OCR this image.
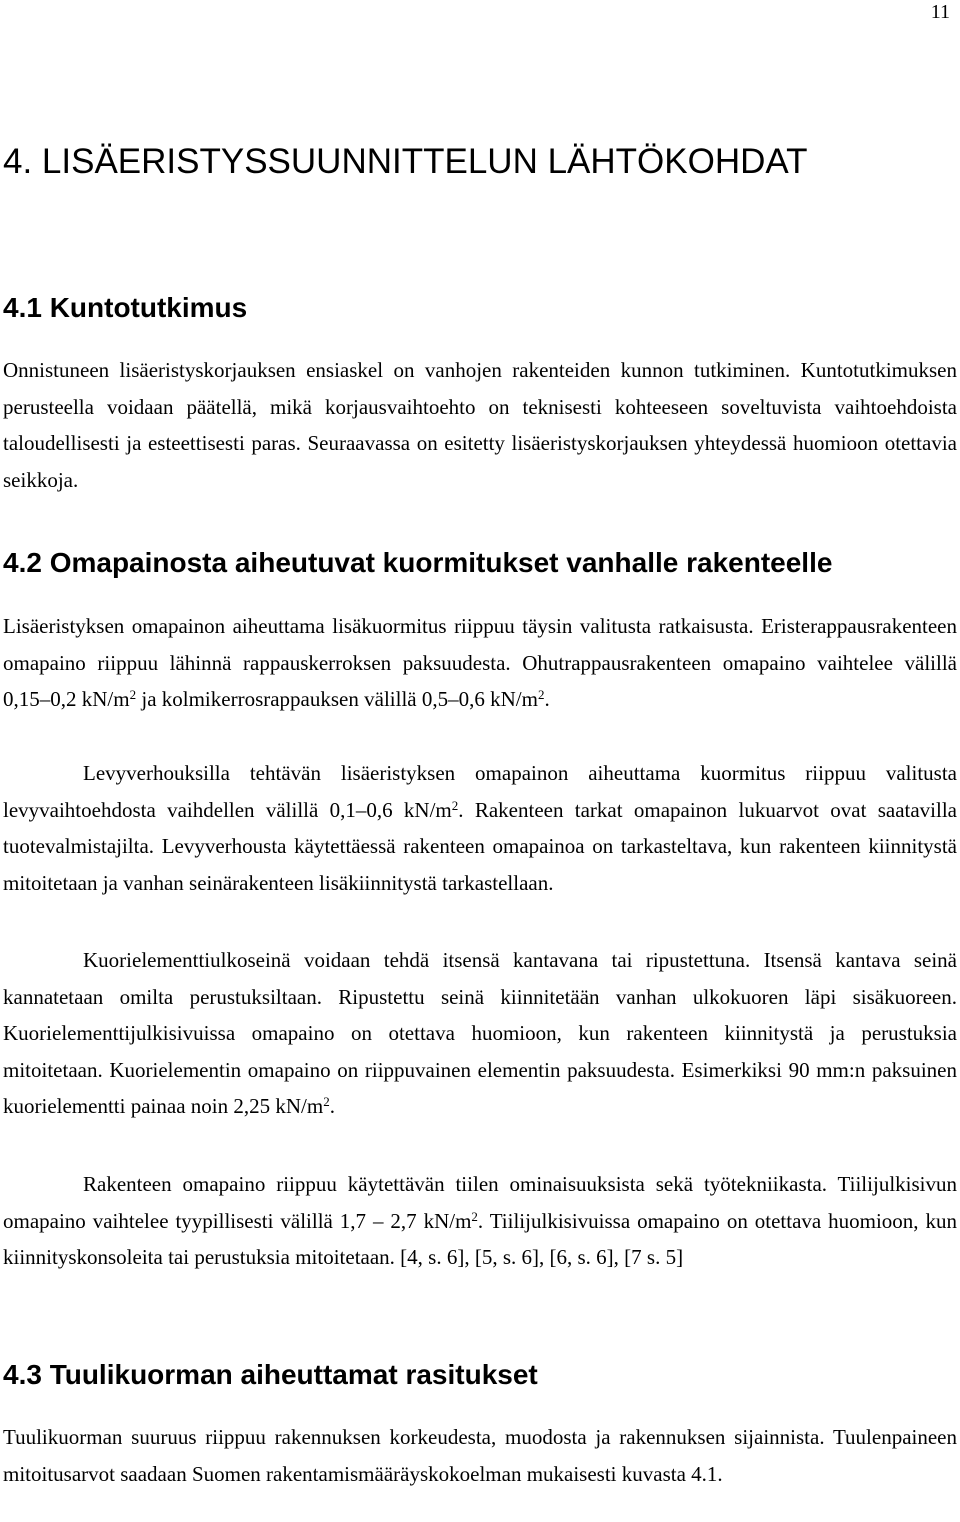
11
4. LISÄERISTYSSUUNNITTELUN LÄHTÖKOHDAT
4.1 Kuntotutkimus

Onnistuneen lisäeristyskorjauksen ensiaskel on vanhojen rakenteiden kunnon tutkiminen. Kuntotutkimuksen perusteella voidaan päätellä, mikä korjausvaihtoehto on teknisesti kohteeseen soveltuvista vaihtoehdoista taloudellisesti ja esteettisesti paras. Seuraavassa on esitetty lisäeristyskorjauksen yhteydessä huomioon otettavia seikkoja.

4.2 Omapainosta aiheutuvat kuormitukset vanhalle rakenteelle

Lisäeristyksen omapainon aiheuttama lisäkuormitus riippuu täysin valitusta ratkaisusta. Eristerappausrakenteen omapaino riippuu lähinnä rappauskerroksen paksuudesta. Ohutrappausrakenteen omapaino vaihtelee välillä 0,15–0,2 $kN/m^2$ ja kolmikerrosrappauksen välillä 0,5–0,6 $kN/m^2$.

Levyverhouksilla tehtävän lisäeristyksen omapainon aiheuttama kuormitus riippuu valitusta levyvaihtoehdosta vaihdellen välillä 0,1–0,6 $kN/m^2$. Rakenteen tarkat omapainon lukuarvot ovat saatavilla tuotevalmistajilta. Levyverhousta käytettäessä rakenteen omapainoa on tarkasteltava, kun rakenteen kiinnitystä mitoitetaan ja vanhan seinärakenteen lisäkiinnitystä tarkastellaan.

Kuorielementtiulkoseinä voidaan tehdä itsensä kantavana tai ripustettuna. Itsensä kantava seinä kannatetaan omilta perustuksiltaan. Ripustettu seinä kiinnitetään vanhan ulkokuoren läpi sisäkuoreen. Kuorielementtijulkisivuissa omapaino on otettava huomioon, kun rakenteen kiinnitystä ja perustuksia mitoitetaan. Kuorielementin omapaino on riippuvainen elementin paksuudesta. Esimerkiksi 90 mm:n paksuinen kuorielementti painaa noin 2,25 $kN/m^2$.

Rakenteen omapaino riippuu käytettävän tiilen ominaisuuksista sekä työtekniikasta. Tiilijulkisivun omapaino vaihtelee tyypillisesti välillä 1,7 – 2,7 $kN/m^2$. Tiilijulkisivuissa omapaino on otettava huomioon, kun kiinnityskonsoleita tai perustuksia mitoitetaan. [4, s. 6], [5, s. 6], [6, s. 6], [7 s. 5]

4.3 Tuulikuorman aiheuttamat rasitukset

Tuulikuorman suuruus riippuu rakennuksen korkeudesta, muodosta ja rakennuksen sijainnista. Tuulenpaineen mitoitusarvot saadaan Suomen rakentamismääräyskokoelman mukaisesti kuvasta 4.1.
